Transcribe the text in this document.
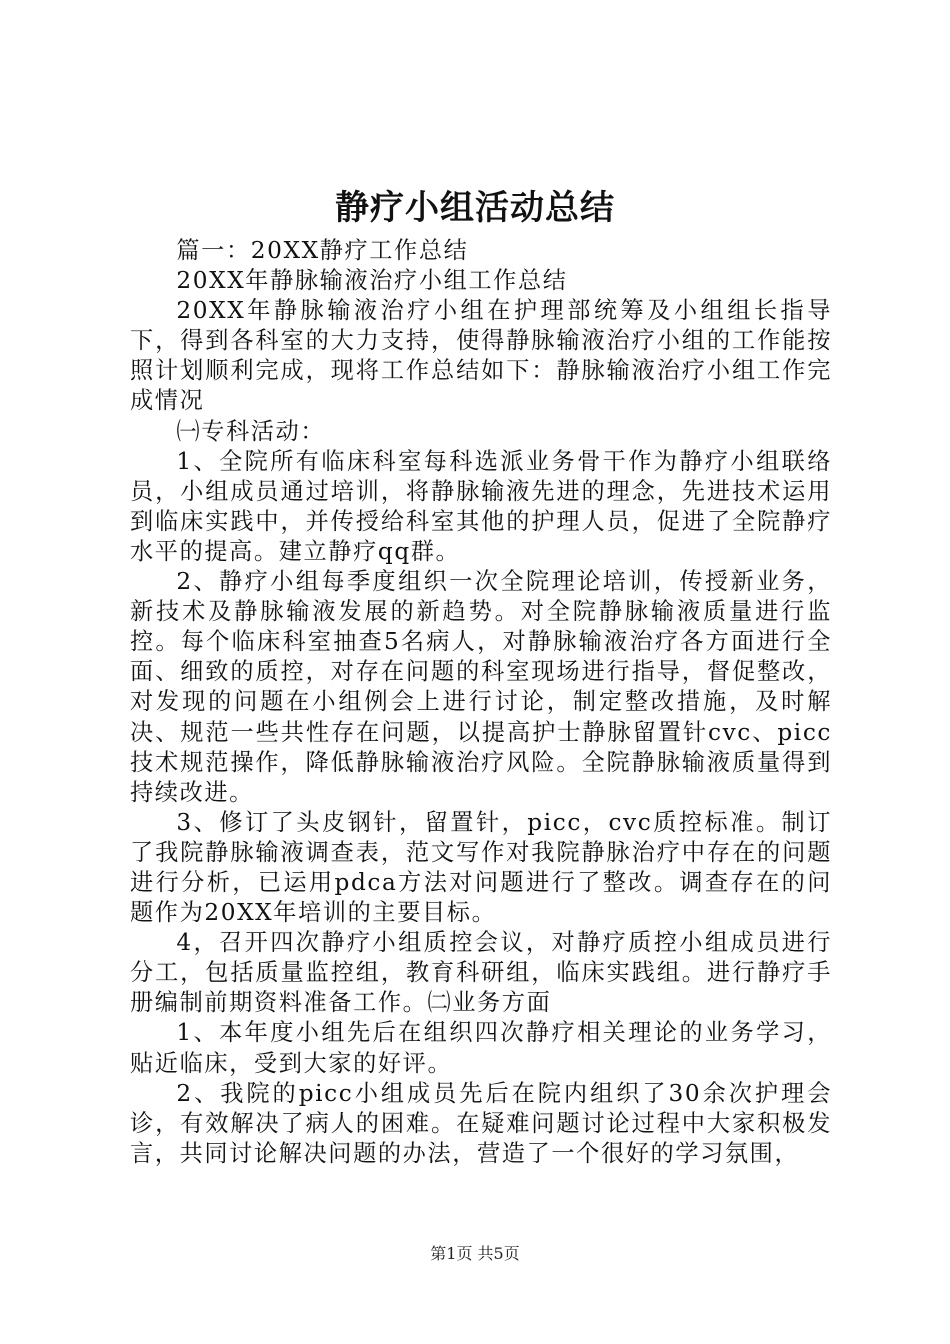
静疗小组活动总结

篇一：20XX静疗工作总结

20XX年静脉输液治疗小组工作总结

20XX年静脉输液治疗小组在护理部统筹及小组组长指导下，得到各科室的大力支持，使得静脉输液治疗小组的工作能按照计划顺利完成，现将工作总结如下：静脉输液治疗小组工作完成情况

㈠专科活动：

1、全院所有临床科室每科选派业务骨干作为静疗小组联络员，小组成员通过培训，将静脉输液先进的理念，先进技术运用到临床实践中，并传授给科室其他的护理人员，促进了全院静疗水平的提高。建立静疗qq群。

2、静疗小组每季度组织一次全院理论培训，传授新业务，新技术及静脉输液发展的新趋势。对全院静脉输液质量进行监控。每个临床科室抽查5名病人，对静脉输液治疗各方面进行全面、细致的质控，对存在问题的科室现场进行指导，督促整改，对发现的问题在小组例会上进行讨论，制定整改措施，及时解决、规范一些共性存在问题，以提高护士静脉留置针cvc、picc技术规范操作，降低静脉输液治疗风险。全院静脉输液质量得到持续改进。

3、修订了头皮钢针，留置针，picc，cvc质控标准。制订了我院静脉输液调查表，范文写作对我院静脉治疗中存在的问题进行分析，已运用pdca方法对问题进行了整改。调查存在的问题作为20XX年培训的主要目标。

4，召开四次静疗小组质控会议，对静疗质控小组成员进行分工，包括质量监控组，教育科研组，临床实践组。进行静疗手册编制前期资料准备工作。㈡业务方面

1、本年度小组先后在组织四次静疗相关理论的业务学习，贴近临床，受到大家的好评。

2、我院的picc小组成员先后在院内组织了30余次护理会诊，有效解决了病人的困难。在疑难问题讨论过程中大家积极发言，共同讨论解决问题的办法，营造了一个很好的学习氛围，

第1页 共5页
